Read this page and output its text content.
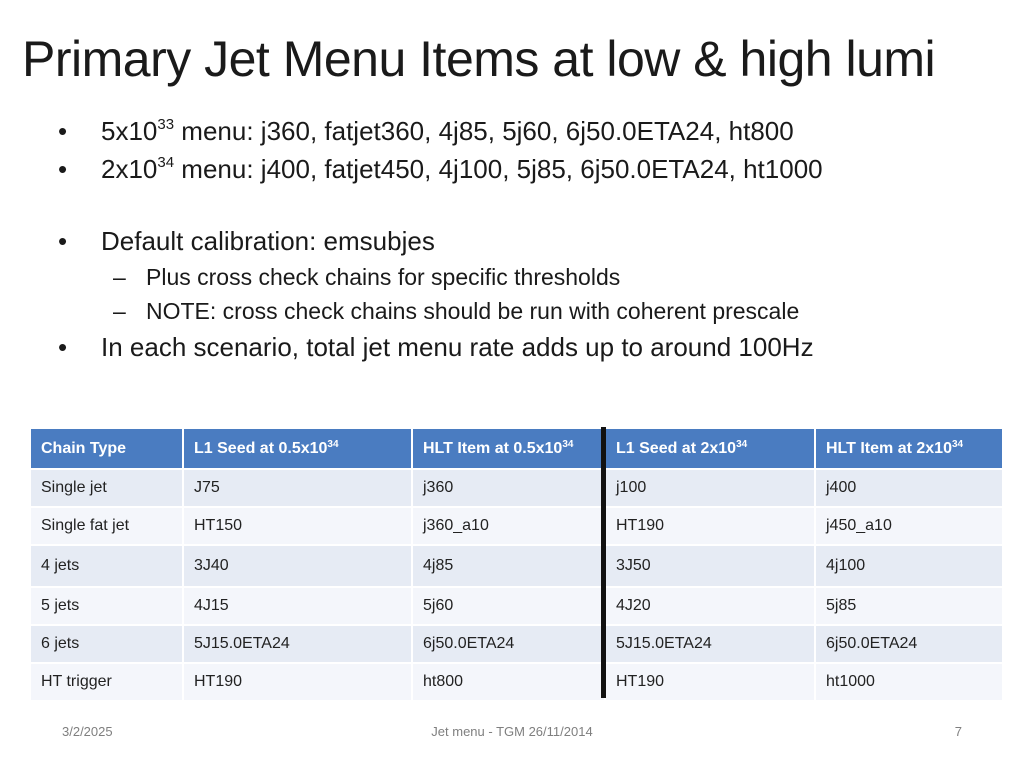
Primary Jet Menu Items at low & high lumi
• $5x10^{33}$ menu: j360, fatjet360, 4j85, 5j60, 6j50.0ETA24, ht800
• $2x10^{34}$ menu: j400, fatjet450, 4j100, 5j85, 6j50.0ETA24, ht1000
• Default calibration: emsubjes
– Plus cross check chains for specific thresholds
– NOTE: cross check chains should be run with coherent prescale
• In each scenario, total jet menu rate adds up to around 100Hz
Chain Type	L1 Seed at $0.5x10^{34}$	HLT Item at $0.5x10^{34}$	L1 Seed at $2x10^{34}$	HLT Item at $2x10^{34}$
Single jet	J75	j360	j100	j400
Single fat jet	HT150	j360_a10	HT190	j450_a10
4 jets	3J40	4j85	3J50	4j100
5 jets	4J15	5j60	4J20	5j85
6 jets	5J15.0ETA24	6j50.0ETA24	5J15.0ETA24	6j50.0ETA24
HT trigger	HT190	ht800	HT190	ht1000
3/2/2025	Jet menu - TGM 26/11/2014	7
